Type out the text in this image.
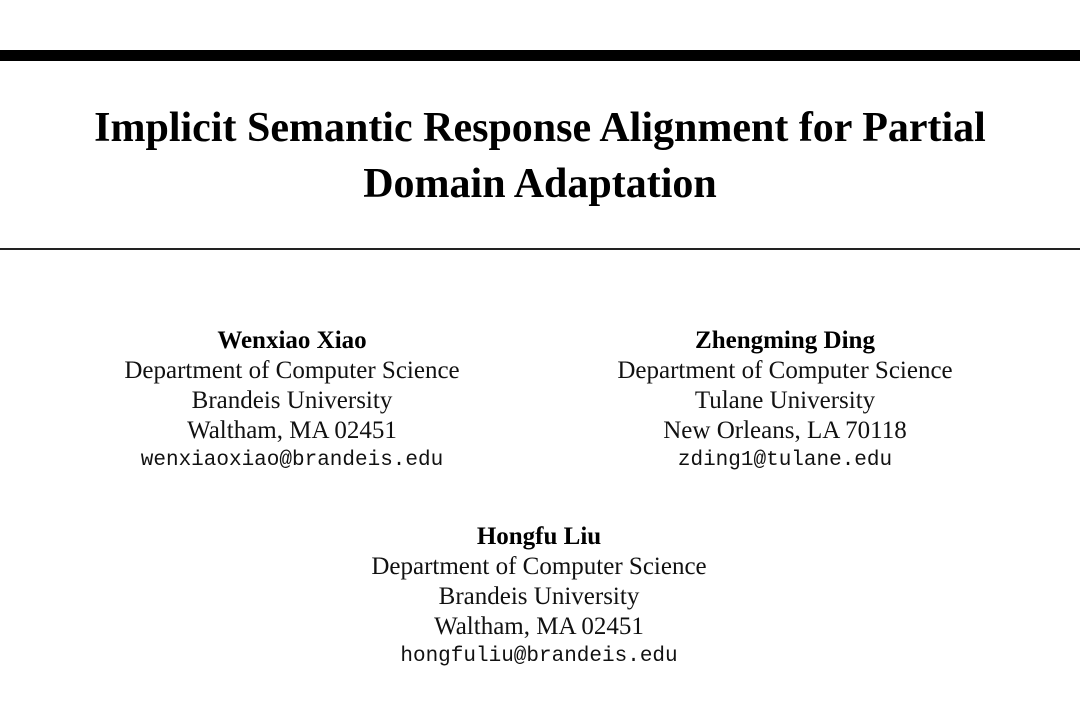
Implicit Semantic Response Alignment for Partial
Domain Adaptation
Wenxiao Xiao
Department of Computer Science
Brandeis University
Waltham, MA 02451
wenxiaoxiao@brandeis.edu
Zhengming Ding
Department of Computer Science
Tulane University
New Orleans, LA 70118
zding1@tulane.edu
Hongfu Liu
Department of Computer Science
Brandeis University
Waltham, MA 02451
hongfuliu@brandeis.edu
